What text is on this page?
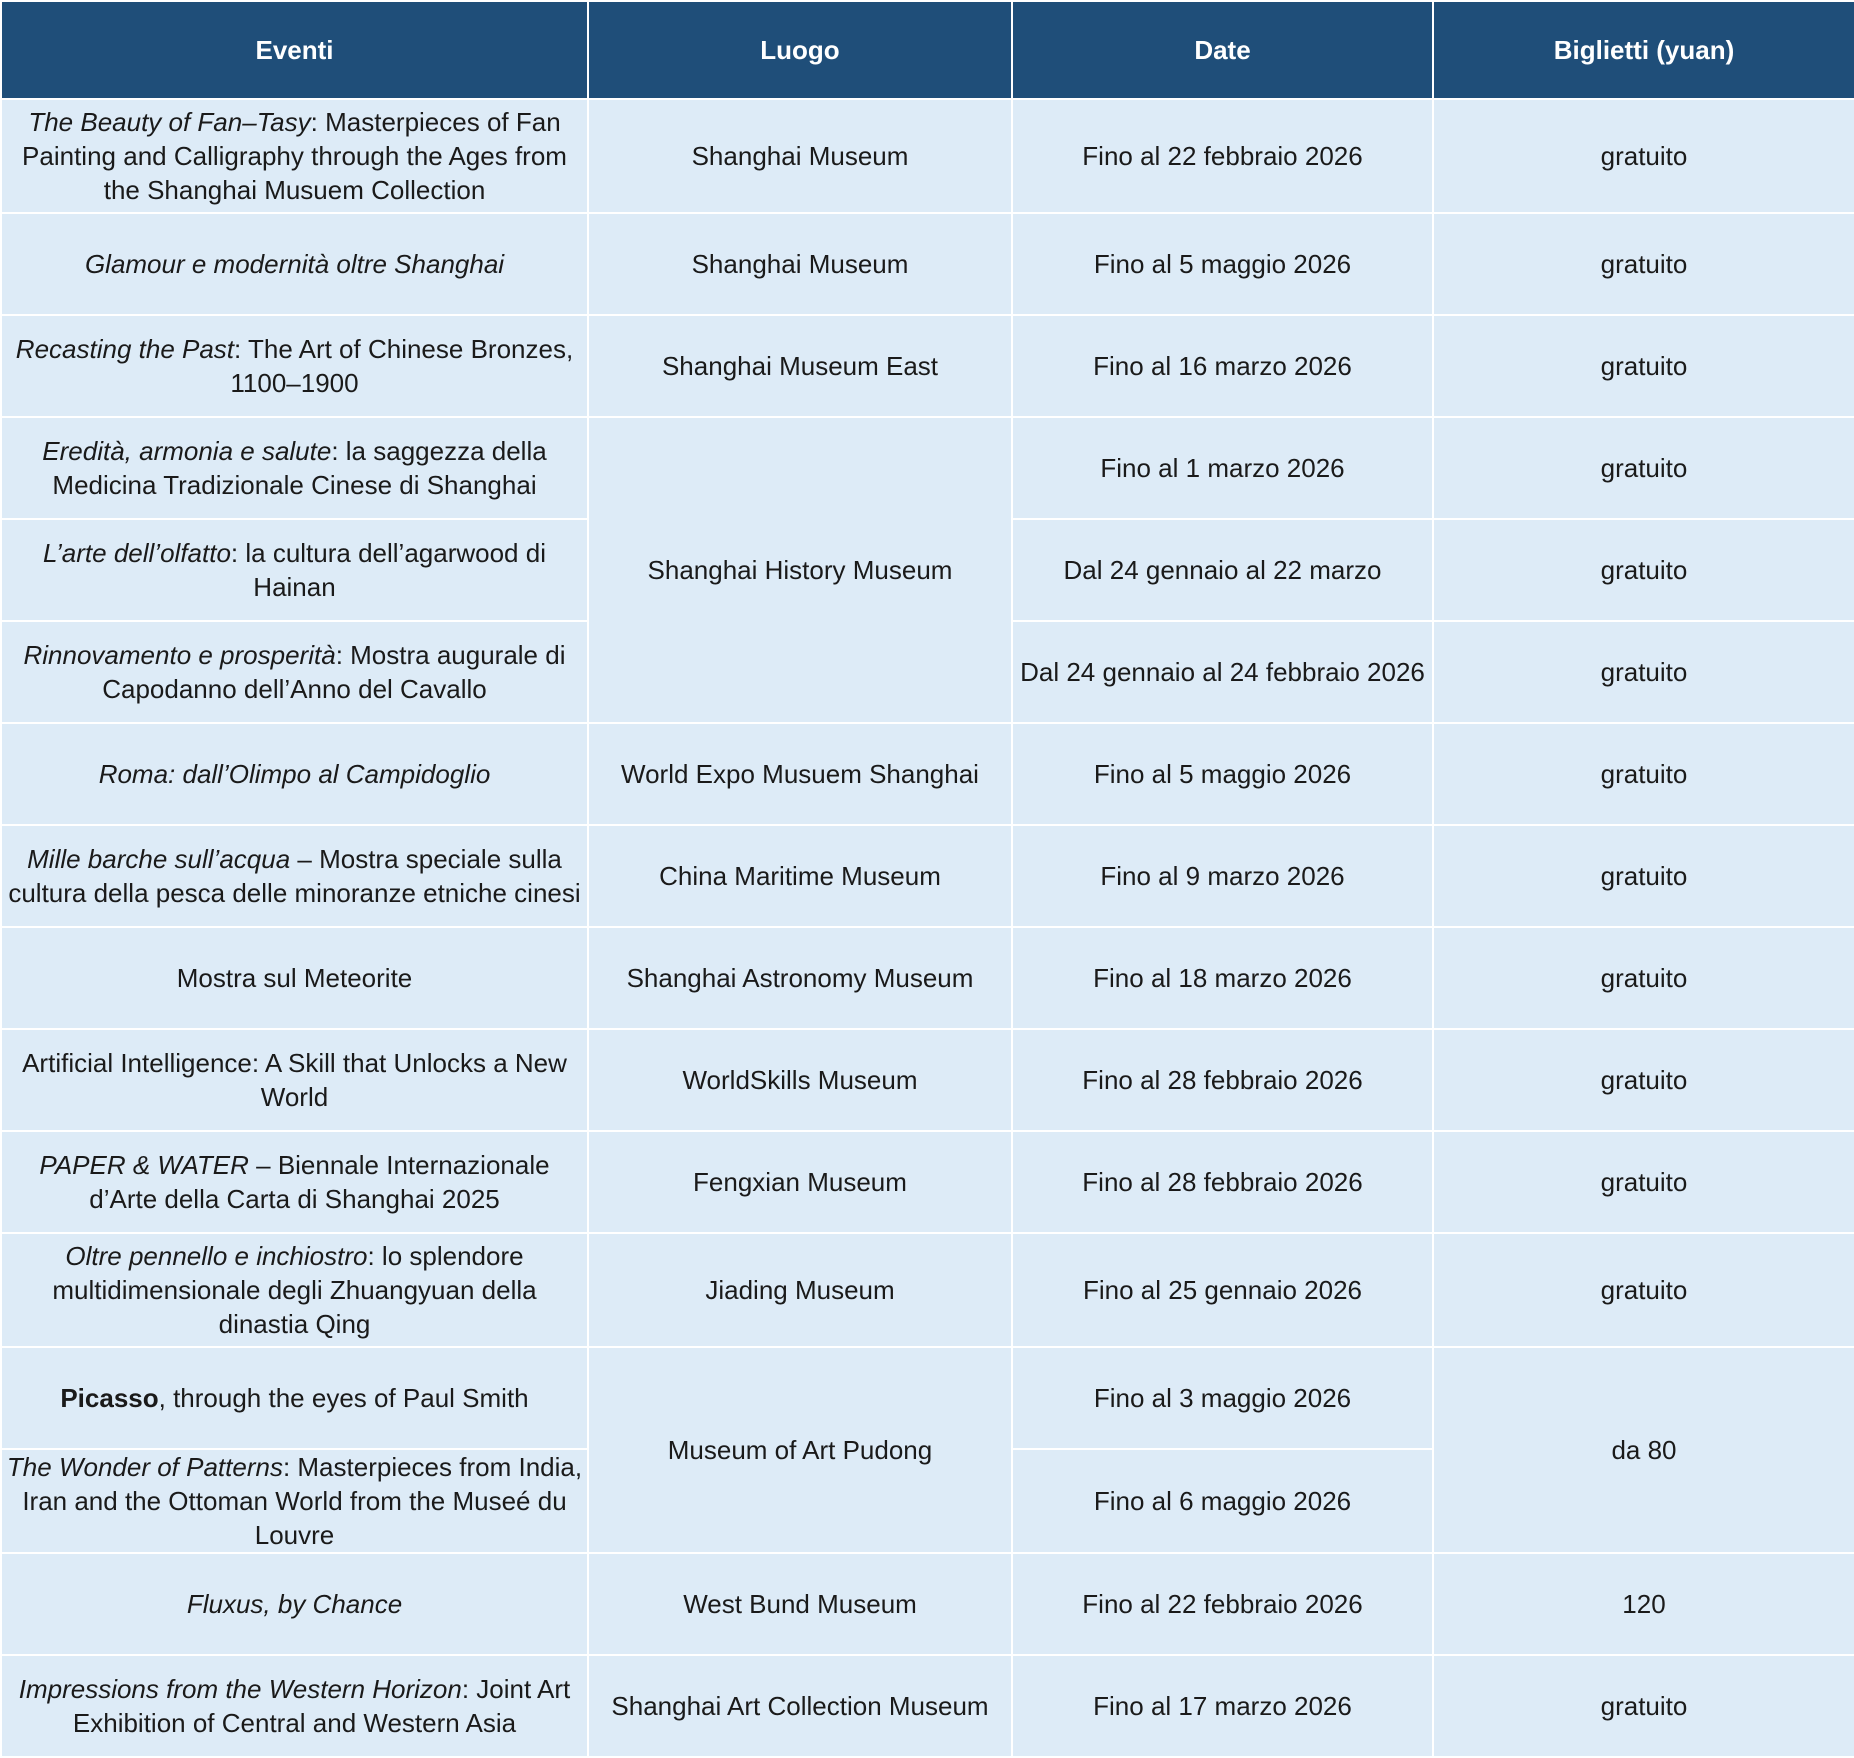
Eventi	Luogo	Date	Biglietti (yuan)
The Beauty of Fan–Tasy: Masterpieces of Fan Painting and Calligraphy through the Ages from the Shanghai Musuem Collection	Shanghai Museum	Fino al 22 febbraio 2026	gratuito
Glamour e modernità oltre Shanghai	Shanghai Museum	Fino al 5 maggio 2026	gratuito
Recasting the Past: The Art of Chinese Bronzes, 1100–1900	Shanghai Museum East	Fino al 16 marzo 2026	gratuito
Eredità, armonia e salute: la saggezza della Medicina Tradizionale Cinese di Shanghai	Shanghai History Museum	Fino al 1 marzo 2026	gratuito
L’arte dell’olfatto: la cultura dell’agarwood di Hainan		Dal 24 gennaio al 22 marzo	gratuito
Rinnovamento e prosperità: Mostra augurale di Capodanno dell’Anno del Cavallo		Dal 24 gennaio al 24 febbraio 2026	gratuito
Roma: dall’Olimpo al Campidoglio	World Expo Musuem Shanghai	Fino al 5 maggio 2026	gratuito
Mille barche sull’acqua – Mostra speciale sulla cultura della pesca delle minoranze etniche cinesi	China Maritime Museum	Fino al 9 marzo 2026	gratuito
Mostra sul Meteorite	Shanghai Astronomy Museum	Fino al 18 marzo 2026	gratuito
Artificial Intelligence: A Skill that Unlocks a New World	WorldSkills Museum	Fino al 28 febbraio 2026	gratuito
PAPER & WATER – Biennale Internazionale d’Arte della Carta di Shanghai 2025	Fengxian Museum	Fino al 28 febbraio 2026	gratuito
Oltre pennello e inchiostro: lo splendore multidimensionale degli Zhuangyuan della dinastia Qing	Jiading Museum	Fino al 25 gennaio 2026	gratuito
Picasso, through the eyes of Paul Smith	Museum of Art Pudong	Fino al 3 maggio 2026	da 80
The Wonder of Patterns: Masterpieces from India, Iran and the Ottoman World from the Museé du Louvre		Fino al 6 maggio 2026	
Fluxus, by Chance	West Bund Museum	Fino al 22 febbraio 2026	120
Impressions from the Western Horizon: Joint Art Exhibition of Central and Western Asia	Shanghai Art Collection Museum	Fino al 17 marzo 2026	gratuito
